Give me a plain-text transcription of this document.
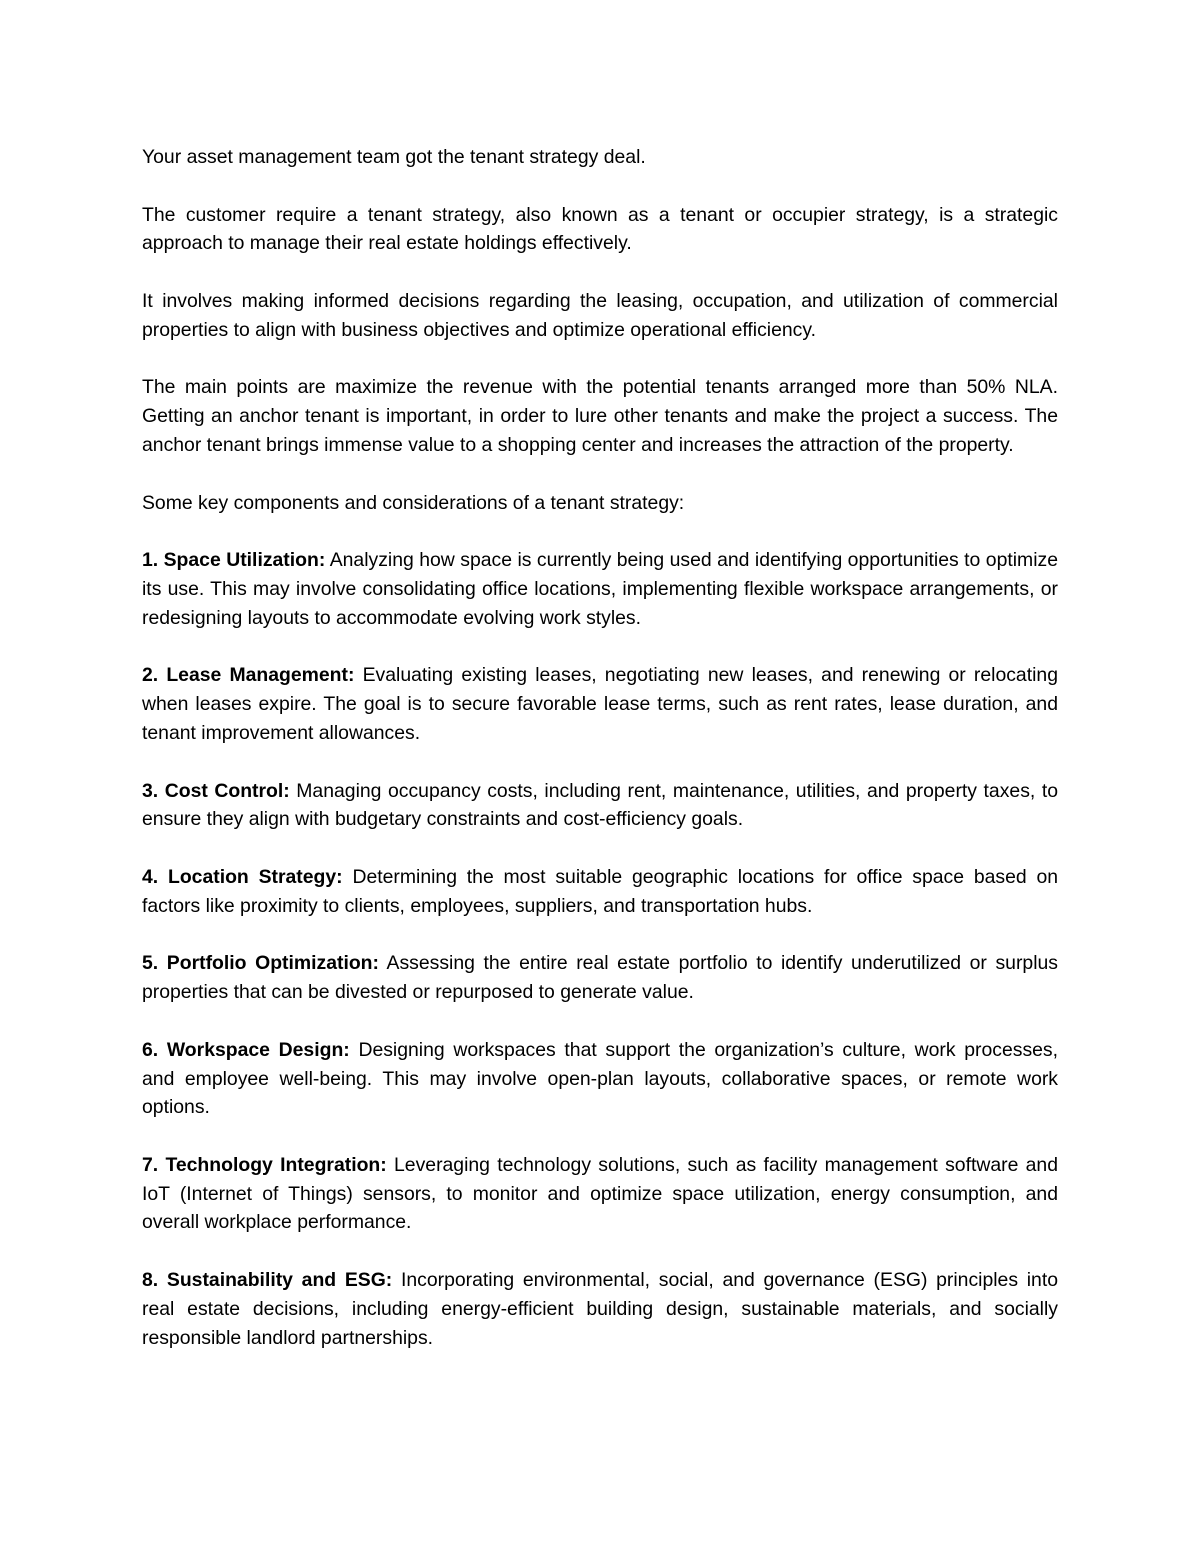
Your asset management team got the tenant strategy deal.

The customer require a tenant strategy, also known as a tenant or occupier strategy, is a strategic approach to manage their real estate holdings effectively.

It involves making informed decisions regarding the leasing, occupation, and utilization of commercial properties to align with business objectives and optimize operational efficiency.

The main points are maximize the revenue with the potential tenants arranged more than 50% NLA. Getting an anchor tenant is important, in order to lure other tenants and make the project a success. The anchor tenant brings immense value to a shopping center and increases the attraction of the property.

Some key components and considerations of a tenant strategy:

1. Space Utilization: Analyzing how space is currently being used and identifying opportunities to optimize its use. This may involve consolidating office locations, implementing flexible workspace arrangements, or redesigning layouts to accommodate evolving work styles.

2. Lease Management: Evaluating existing leases, negotiating new leases, and renewing or relocating when leases expire. The goal is to secure favorable lease terms, such as rent rates, lease duration, and tenant improvement allowances.

3. Cost Control: Managing occupancy costs, including rent, maintenance, utilities, and property taxes, to ensure they align with budgetary constraints and cost-efficiency goals.

4. Location Strategy: Determining the most suitable geographic locations for office space based on factors like proximity to clients, employees, suppliers, and transportation hubs.

5. Portfolio Optimization: Assessing the entire real estate portfolio to identify underutilized or surplus properties that can be divested or repurposed to generate value.

6. Workspace Design: Designing workspaces that support the organization’s culture, work processes, and employee well-being. This may involve open-plan layouts, collaborative spaces, or remote work options.

7. Technology Integration: Leveraging technology solutions, such as facility management software and IoT (Internet of Things) sensors, to monitor and optimize space utilization, energy consumption, and overall workplace performance.

8. Sustainability and ESG: Incorporating environmental, social, and governance (ESG) principles into real estate decisions, including energy-efficient building design, sustainable materials, and socially responsible landlord partnerships.
